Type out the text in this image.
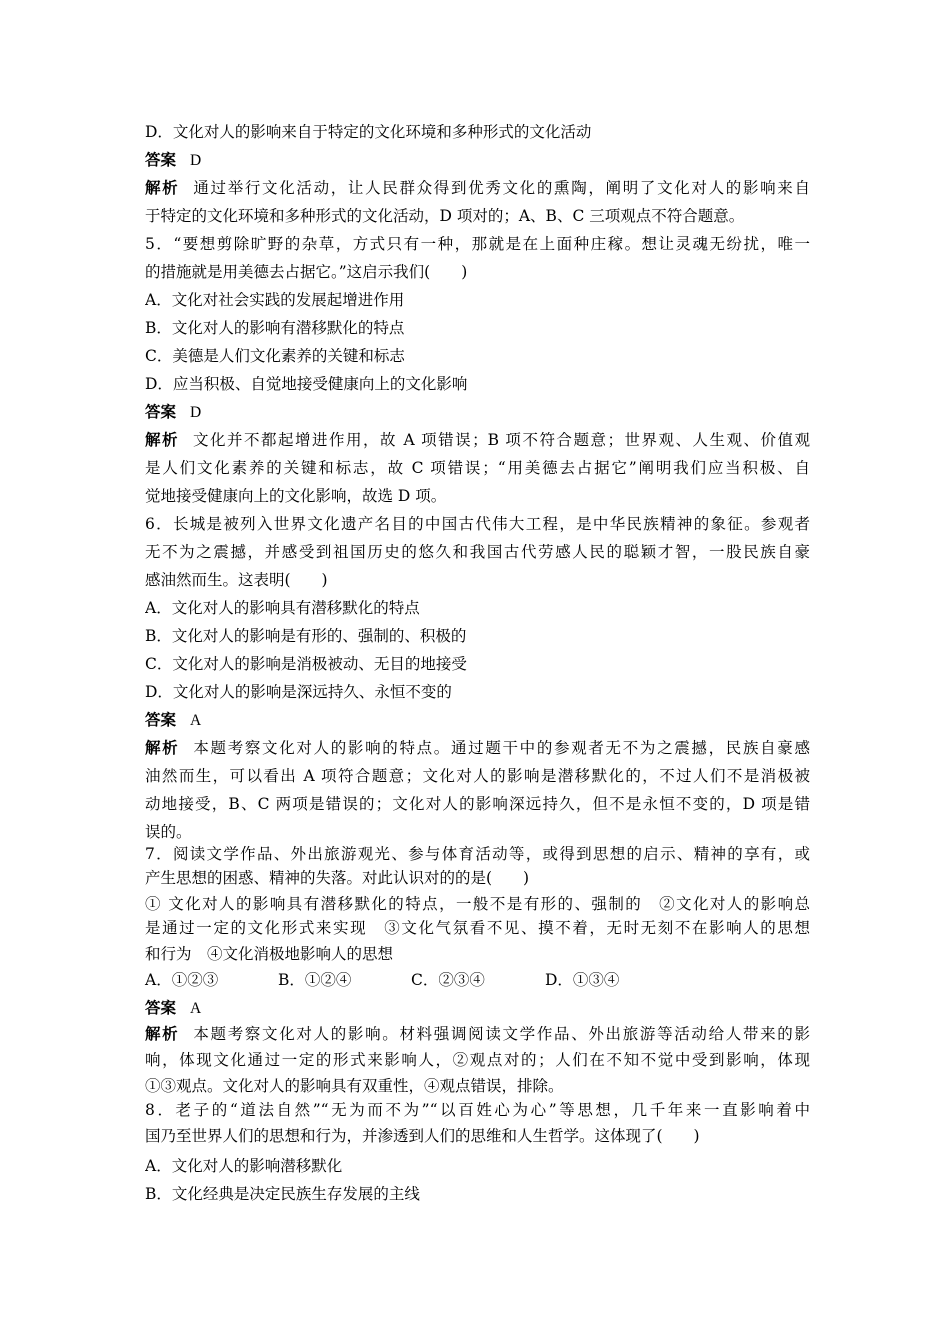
D．文化对人的影响来自于特定的文化环境和多种形式的文化活动
答案 D
解析 通过举行文化活动，让人民群众得到优秀文化的熏陶，阐明了文化对人的影响来自
于特定的文化环境和多种形式的文化活动，D 项对的；A、B、C 三项观点不符合题意。
5．“要想剪除旷野的杂草，方式只有一种，那就是在上面种庄稼。想让灵魂无纷扰，唯一
的措施就是用美德去占据它。”这启示我们(　　)
A．文化对社会实践的发展起增进作用
B．文化对人的影响有潜移默化的特点
C．美德是人们文化素养的关键和标志
D．应当积极、自觉地接受健康向上的文化影响
答案 D
解析 文化并不都起增进作用，故 A 项错误；B 项不符合题意；世界观、人生观、价值观
是人们文化素养的关键和标志，故 C 项错误；“用美德去占据它”阐明我们应当积极、自
觉地接受健康向上的文化影响，故选 D 项。
6．长城是被列入世界文化遗产名目的中国古代伟大工程，是中华民族精神的象征。参观者
无不为之震撼，并感受到祖国历史的悠久和我国古代劳感人民的聪颖才智，一股民族自豪
感油然而生。这表明(　　)
A．文化对人的影响具有潜移默化的特点
B．文化对人的影响是有形的、强制的、积极的
C．文化对人的影响是消极被动、无目的地接受
D．文化对人的影响是深远持久、永恒不变的
答案 A
解析 本题考察文化对人的影响的特点。通过题干中的参观者无不为之震撼，民族自豪感
油然而生，可以看出 A 项符合题意；文化对人的影响是潜移默化的，不过人们不是消极被
动地接受，B、C 两项是错误的；文化对人的影响深远持久，但不是永恒不变的，D 项是错
误的。
7．阅读文学作品、外出旅游观光、参与体育活动等，或得到思想的启示、精神的享有，或
产生思想的困惑、精神的失落。对此认识对的的是(　　)
① 文化对人的影响具有潜移默化的特点，一般不是有形的、强制的　②文化对人的影响总
是通过一定的文化形式来实现　③文化气氛看不见、摸不着，无时无刻不在影响人的思想
和行为　④文化消极地影响人的思想
答案 A
解析 本题考察文化对人的影响。材料强调阅读文学作品、外出旅游等活动给人带来的影
响，体现文化通过一定的形式来影响人，②观点对的；人们在不知不觉中受到影响，体现
①③观点。文化对人的影响具有双重性，④观点错误，排除。
8．老子的“道法自然”“无为而不为”“以百姓心为心”等思想，几千年来一直影响着中
国乃至世界人们的思想和行为，并渗透到人们的思维和人生哲学。这体现了(　　)
A．文化对人的影响潜移默化
B．文化经典是决定民族生存发展的主线
A．①②③	B．①②④	C．②③④	D．①③④
